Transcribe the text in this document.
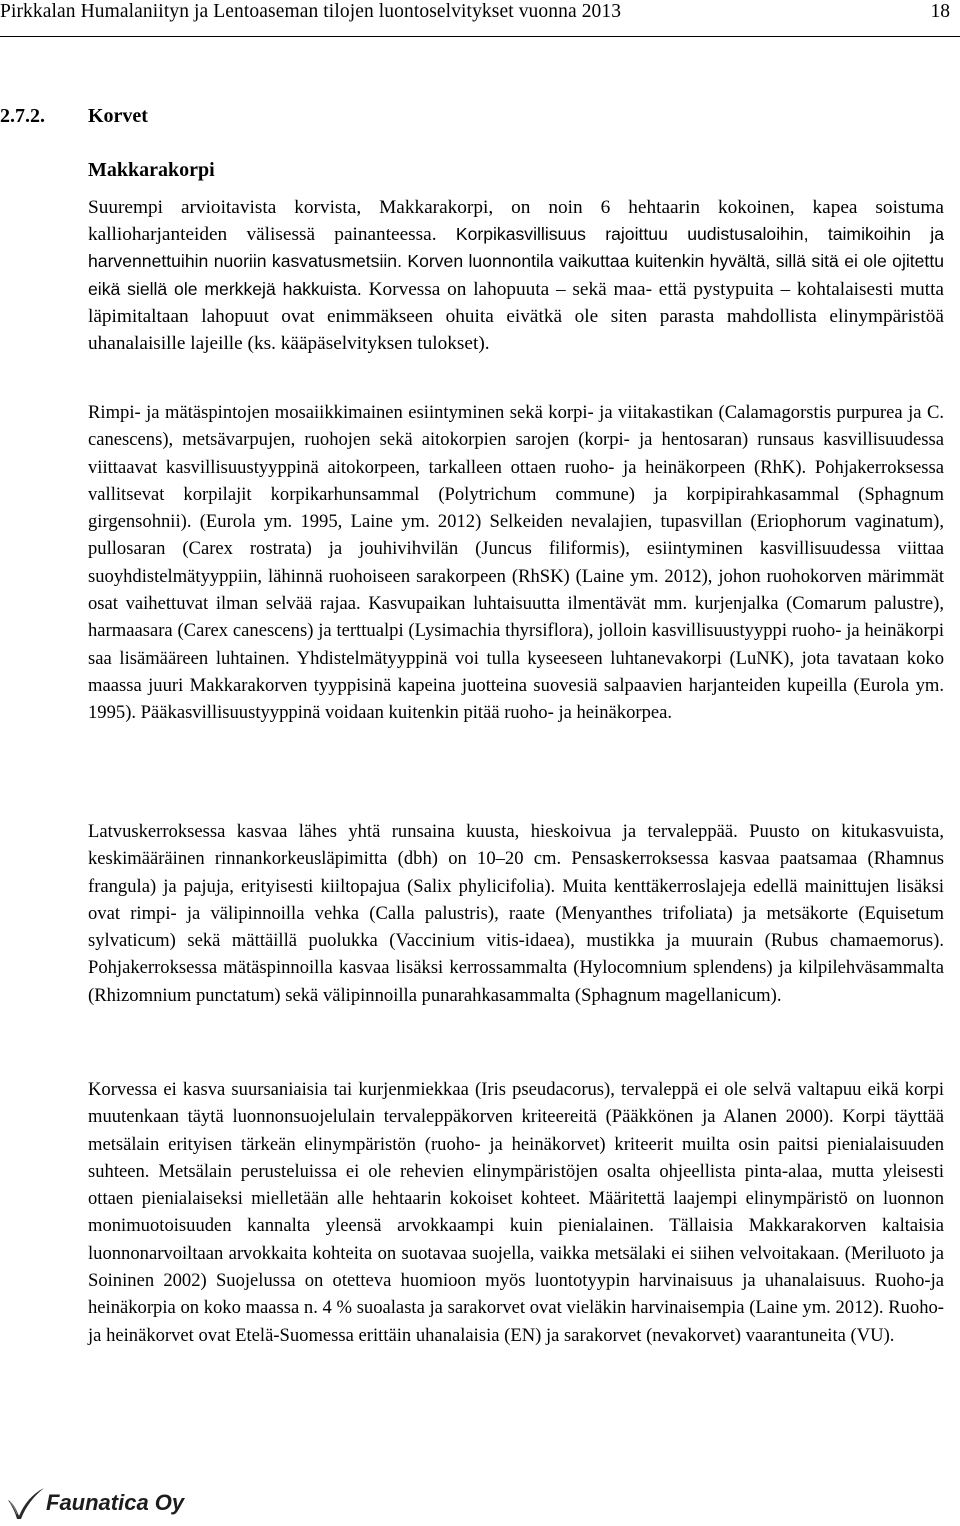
Pirkkalan Humalaniityn ja Lentoaseman tilojen luontoselvitykset vuonna 2013	18
2.7.2. Korvet
Makkarakorpi

Suurempi arvioitavista korvista, Makkarakorpi, on noin 6 hehtaarin kokoinen, kapea soistuma kallioharjanteiden välisessä painanteessa. Korpikasvillisuus rajoittuu uudistusaloihin, taimikoihin ja harvennettuihin nuoriin kasvatusmetsiin. Korven luonnontila vaikuttaa kuitenkin hyvältä, sillä sitä ei ole ojitettu eikä siellä ole merkkejä hakkuista. Korvessa on lahopuuta – sekä maa- että pystypuita – kohtalaisesti mutta läpimitaltaan lahopuut ovat enimmäkseen ohuita eivätkä ole siten parasta mahdollista elinympäristöä uhanalaisille lajeille (ks. kääpäselvityksen tulokset).

Rimpi- ja mätäspintojen mosaiikkimainen esiintyminen sekä korpi- ja viitakastikan (Calamagorstis purpurea ja C. canescens), metsävarpujen, ruohojen sekä aitokorpien sarojen (korpi- ja hentosaran) runsaus kasvillisuudessa viittaavat kasvillisuustyyppinä aitokorpeen, tarkalleen ottaen ruoho- ja heinäkorpeen (RhK). Pohjakerroksessa vallitsevat korpilajit korpikarhunsammal (Polytrichum commune) ja korpipirahkasammal (Sphagnum girgensohnii). (Eurola ym. 1995, Laine ym. 2012) Selkeiden nevalajien, tupasvillan (Eriophorum vaginatum), pullosaran (Carex rostrata) ja jouhivihvilän (Juncus filiformis), esiintyminen kasvillisuudessa viittaa suoyhdistelmätyyppiin, lähinnä ruohoiseen sarakorpeen (RhSK) (Laine ym. 2012), johon ruohokorven märimmät osat vaihettuvat ilman selvää rajaa. Kasvupaikan luhtaisuutta ilmentävät mm. kurjenjalka (Comarum palustre), harmaasara (Carex canescens) ja terttualpi (Lysimachia thyrsiflora), jolloin kasvillisuustyyppi ruoho- ja heinäkorpi saa lisämääreen luhtainen. Yhdistelmätyyppinä voi tulla kyseeseen luhtanevakorpi (LuNK), jota tavataan koko maassa juuri Makkarakorven tyyppisinä kapeina juotteina suovesiä salpaavien harjanteiden kupeilla (Eurola ym. 1995). Pääkasvillisuustyyppinä voidaan kuitenkin pitää ruoho- ja heinäkorpea.

Latvuskerroksessa kasvaa lähes yhtä runsaina kuusta, hieskoivua ja tervaleppää. Puusto on kitukasvuista, keskimääräinen rinnankorkeusläpimitta (dbh) on 10–20 cm. Pensaskerroksessa kasvaa paatsamaa (Rhamnus frangula) ja pajuja, erityisesti kiiltopajua (Salix phylicifolia). Muita kenttäkerroslajeja edellä mainittujen lisäksi ovat rimpi- ja välipinnoilla vehka (Calla palustris), raate (Menyanthes trifoliata) ja metsäkorte (Equisetum sylvaticum) sekä mättäillä puolukka (Vaccinium vitis-idaea), mustikka ja muurain (Rubus chamaemorus). Pohjakerroksessa mätäspinnoilla kasvaa lisäksi kerrossammalta (Hylocomnium splendens) ja kilpilehväsammalta (Rhizomnium punctatum) sekä välipinnoilla punarahkasammalta (Sphagnum magellanicum).

Korvessa ei kasva suursaniaisia tai kurjenmiekkaa (Iris pseudacorus), tervaleppä ei ole selvä valtapuu eikä korpi muutenkaan täytä luonnonsuojelulain tervaleppäkorven kriteereitä (Pääkkönen ja Alanen 2000). Korpi täyttää metsälain erityisen tärkeän elinympäristön (ruoho- ja heinäkorvet) kriteerit muilta osin paitsi pienialaisuuden suhteen. Metsälain perusteluissa ei ole rehevien elinympäristöjen osalta ohjeellista pinta-alaa, mutta yleisesti ottaen pienialaiseksi mielletään alle hehtaarin kokoiset kohteet. Määritettä laajempi elinympäristö on luonnon monimuotoisuuden kannalta yleensä arvokkaampi kuin pienialainen. Tällaisia Makkarakorven kaltaisia luonnonarvoiltaan arvokkaita kohteita on suotavaa suojella, vaikka metsälaki ei siihen velvoitakaan. (Meriluoto ja Soininen 2002) Suojelussa on otetteva huomioon myös luontotyypin harvinaisuus ja uhanalaisuus. Ruoho-ja heinäkorpia on koko maassa n. 4 % suoalasta ja sarakorvet ovat vieläkin harvinaisempia (Laine ym. 2012). Ruoho- ja heinäkorvet ovat Etelä-Suomessa erittäin uhanalaisia (EN) ja sarakorvet (nevakorvet) vaarantuneita (VU).

Faunatica Oy
